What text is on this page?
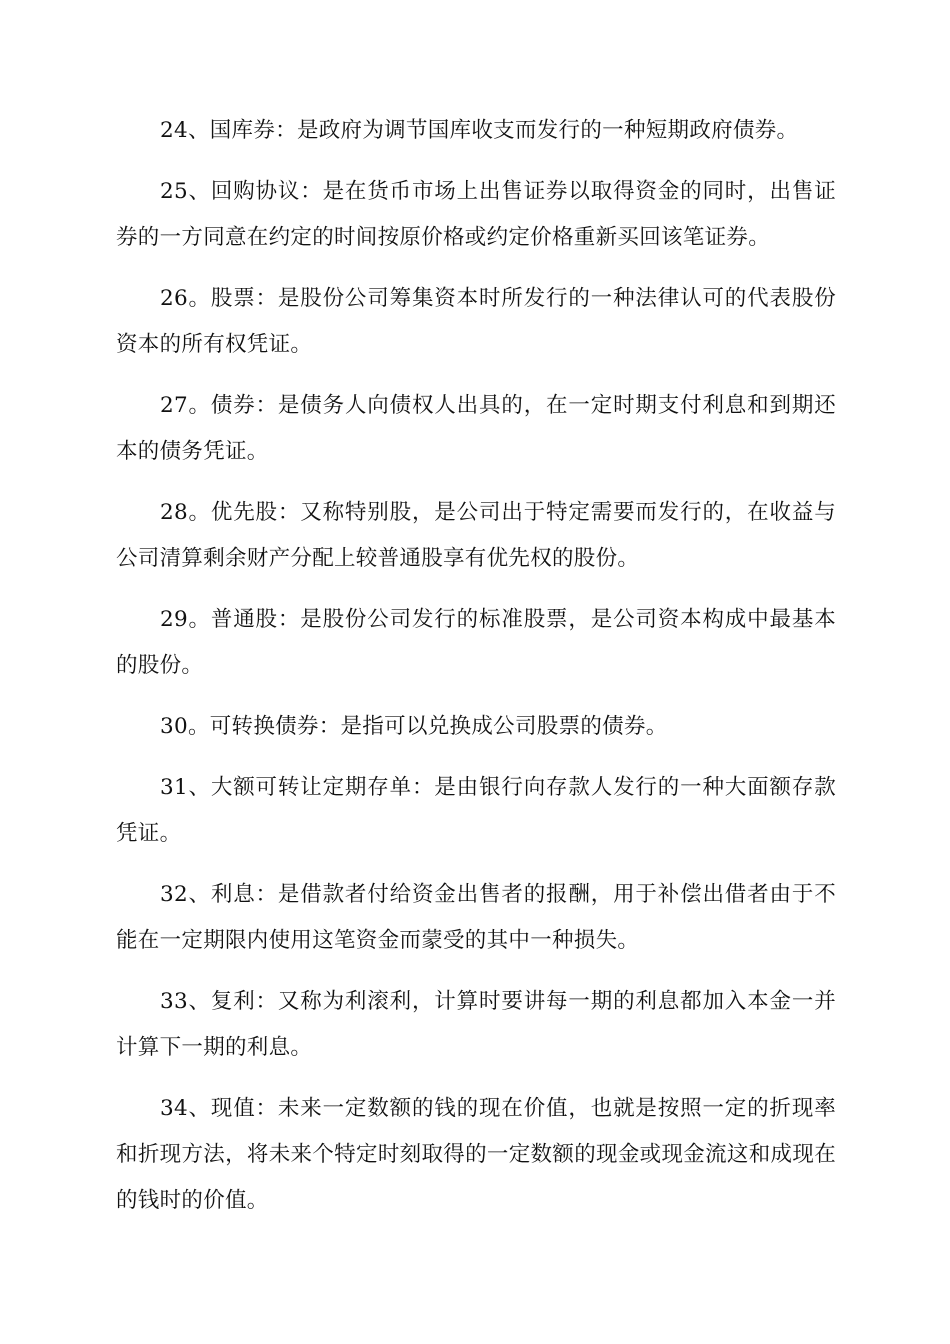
24、国库券：是政府为调节国库收支而发行的一种短期政府债券。

25、回购协议：是在货币市场上出售证券以取得资金的同时，出售证券的一方同意在约定的时间按原价格或约定价格重新买回该笔证券。

26。股票：是股份公司筹集资本时所发行的一种法律认可的代表股份资本的所有权凭证。

27。债券：是债务人向债权人出具的，在一定时期支付利息和到期还本的债务凭证。

28。优先股：又称特别股，是公司出于特定需要而发行的，在收益与公司清算剩余财产分配上较普通股享有优先权的股份。

29。普通股：是股份公司发行的标准股票，是公司资本构成中最基本的股份。

30。可转换债券：是指可以兑换成公司股票的债券。

31、大额可转让定期存单：是由银行向存款人发行的一种大面额存款凭证。

32、利息：是借款者付给资金出售者的报酬，用于补偿出借者由于不能在一定期限内使用这笔资金而蒙受的其中一种损失。

33、复利：又称为利滚利，计算时要讲每一期的利息都加入本金一并计算下一期的利息。

34、现值：未来一定数额的钱的现在价值，也就是按照一定的折现率和折现方法，将未来个特定时刻取得的一定数额的现金或现金流这和成现在的钱时的价值。
